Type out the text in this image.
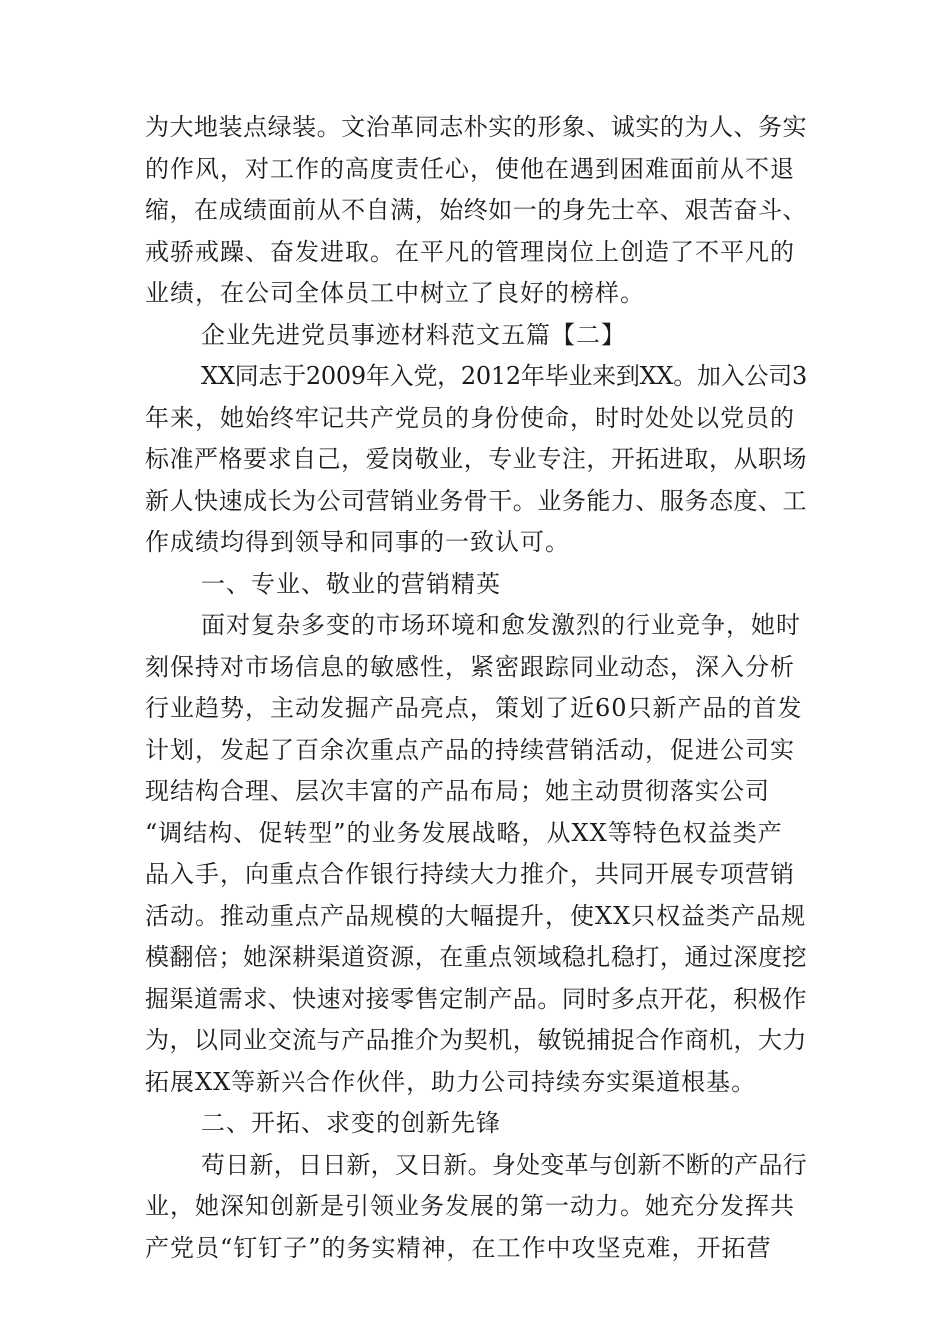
为大地装点绿装。文治革同志朴实的形象、诚实的为人、务实
的作风，对工作的高度责任心，使他在遇到困难面前从不退
缩，在成绩面前从不自满，始终如一的身先士卒、艰苦奋斗、
戒骄戒躁、奋发进取。在平凡的管理岗位上创造了不平凡的
业绩，在公司全体员工中树立了良好的榜样。
企业先进党员事迹材料范文五篇【二】
XX同志于2009年入党，2012年毕业来到XX。加入公司3
年来，她始终牢记共产党员的身份使命，时时处处以党员的
标准严格要求自己，爱岗敬业，专业专注，开拓进取，从职场
新人快速成长为公司营销业务骨干。业务能力、服务态度、工
作成绩均得到领导和同事的一致认可。
一、专业、敬业的营销精英
面对复杂多变的市场环境和愈发激烈的行业竞争，她时
刻保持对市场信息的敏感性，紧密跟踪同业动态，深入分析
行业趋势，主动发掘产品亮点，策划了近60只新产品的首发
计划，发起了百余次重点产品的持续营销活动，促进公司实
现结构合理、层次丰富的产品布局；她主动贯彻落实公司
“调结构、促转型”的业务发展战略，从XX等特色权益类产
品入手，向重点合作银行持续大力推介，共同开展专项营销
活动。推动重点产品规模的大幅提升，使XX只权益类产品规
模翻倍；她深耕渠道资源，在重点领域稳扎稳打，通过深度挖
掘渠道需求、快速对接零售定制产品。同时多点开花，积极作
为，以同业交流与产品推介为契机，敏锐捕捉合作商机，大力
拓展XX等新兴合作伙伴，助力公司持续夯实渠道根基。
二、开拓、求变的创新先锋
苟日新，日日新，又日新。身处变革与创新不断的产品行
业，她深知创新是引领业务发展的第一动力。她充分发挥共
产党员“钉钉子”的务实精神，在工作中攻坚克难，开拓营
